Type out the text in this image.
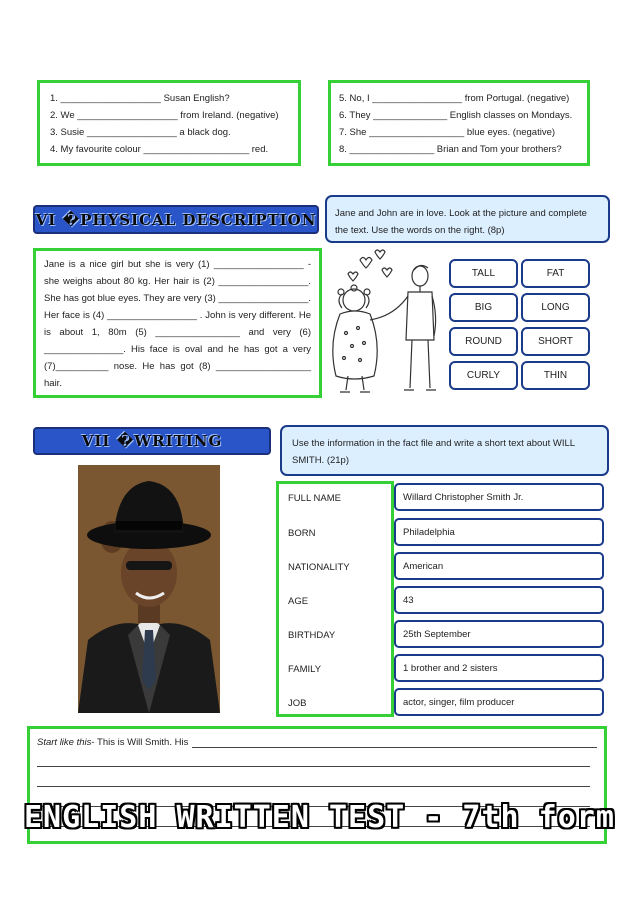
1. ___________________ Susan English?
2. We ___________________ from Ireland. (negative)
3. Susie _________________ a black dog.
4. My favourite colour ____________________ red.
5. No, I _________________ from Portugal. (negative)
6. They ______________ English classes on Mondays.
7. She __________________ blue eyes. (negative)
8. ________________ Brian and Tom your brothers?
VI �PHYSICAL DESCRIPTION Jane and John are in love. Look at the picture and complete the text. Use the words on the right. (8p)
Jane is a nice girl but she is very (1) _________________ - she weighs about 80 kg. Her hair is (2) _________________. She has got blue eyes. They are very (3) _________________. Her face is (4) _________________ . John is very different. He is about 1, 80m (5) ________________ and very (6) _______________. His face is oval and he has got a very (7)__________ nose. He has got (8) __________________ hair.
TALL	FAT
BIG	LONG
ROUND	SHORT
CURLY	THIN
VII �WRITING	Use the information in the fact file and write a short text about WILL SMITH. (21p)
FULL NAME	Willard Christopher Smith Jr.
BORN	Philadelphia
NATIONALITY	American
AGE	43
BIRTHDAY	25th September
FAMILY	1 brother and 2 sisters
JOB	actor, singer, film producer
Start like this - This is Will Smith. His
ENGLISH WRITTEN TEST - 7th form
